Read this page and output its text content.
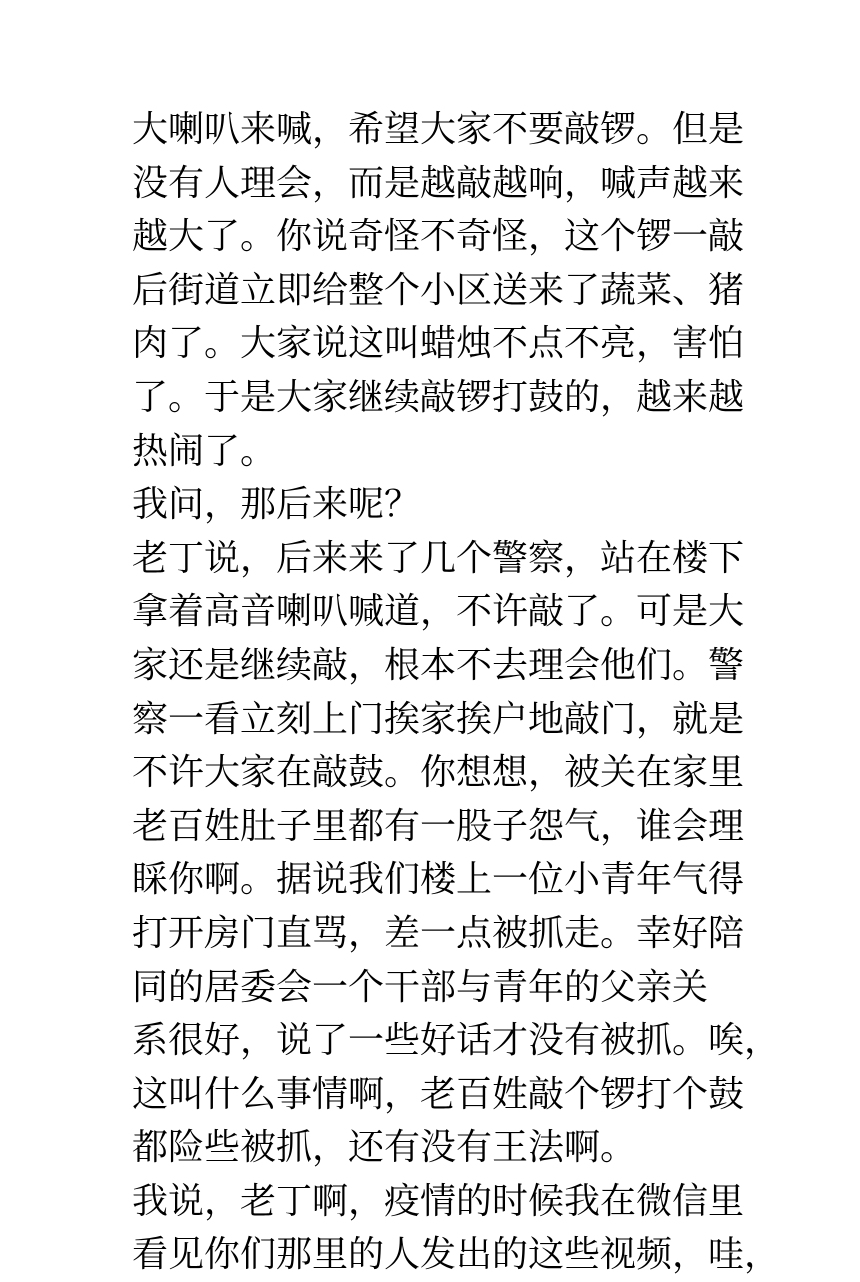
大喇叭来喊，希望大家不要敲锣。但是
没有人理会，而是越敲越响，喊声越来
越大了。你说奇怪不奇怪，这个锣一敲
后街道立即给整个小区送来了蔬菜、猪
肉了。大家说这叫蜡烛不点不亮，害怕
了。于是大家继续敲锣打鼓的，越来越
热闹了。
我问，那后来呢？
老丁说，后来来了几个警察，站在楼下
拿着高音喇叭喊道，不许敲了。可是大
家还是继续敲，根本不去理会他们。警
察一看立刻上门挨家挨户地敲门，就是
不许大家在敲鼓。你想想，被关在家里
老百姓肚子里都有一股子怨气，谁会理
睬你啊。据说我们楼上一位小青年气得
打开房门直骂，差一点被抓走。幸好陪
同的居委会一个干部与青年的父亲关
系很好，说了一些好话才没有被抓。唉，
这叫什么事情啊，老百姓敲个锣打个鼓
都险些被抓，还有没有王法啊。
我说，老丁啊，疫情的时候我在微信里
看见你们那里的人发出的这些视频，哇，
